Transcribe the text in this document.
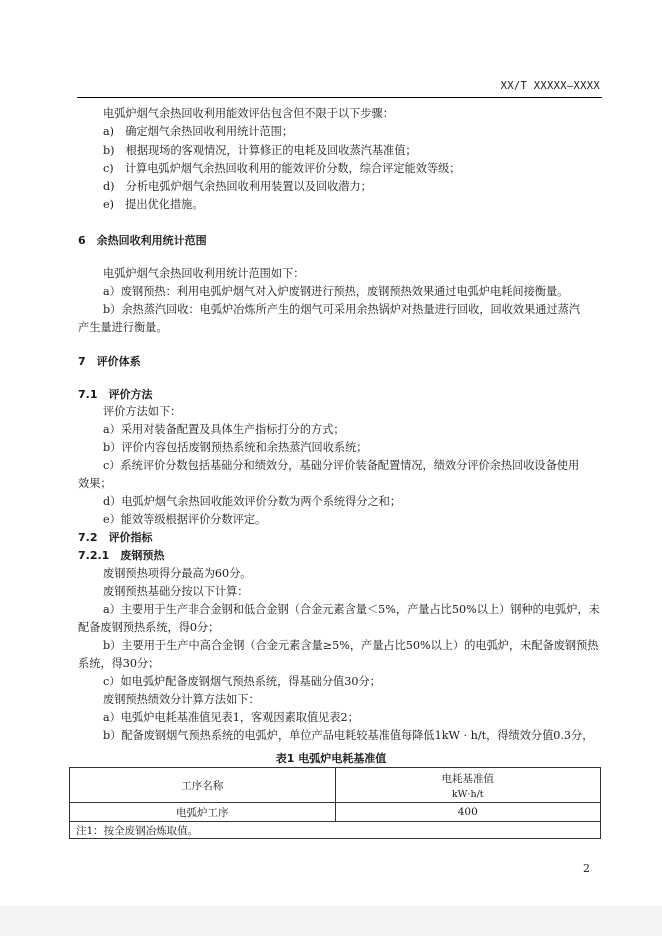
XX/T XXXXX—XXXX
电弧炉烟气余热回收利用能效评估包含但不限于以下步骤：
a)　确定烟气余热回收利用统计范围；
b)　根据现场的客观情况，计算修正的电耗及回收蒸汽基准值；
c)　计算电弧炉烟气余热回收利用的能效评价分数，综合评定能效等级；
d)　分析电弧炉烟气余热回收利用装置以及回收潜力；
e)　提出优化措施。
6　余热回收利用统计范围
电弧炉烟气余热回收利用统计范围如下：
a）废钢预热：利用电弧炉烟气对入炉废钢进行预热，废钢预热效果通过电弧炉电耗间接衡量。
b）余热蒸汽回收：电弧炉冶炼所产生的烟气可采用余热锅炉对热量进行回收，回收效果通过蒸汽
产生量进行衡量。
7　评价体系
7.1　评价方法
评价方法如下：
a）采用对装备配置及具体生产指标打分的方式；
b）评价内容包括废钢预热系统和余热蒸汽回收系统；
c）系统评价分数包括基础分和绩效分，基础分评价装备配置情况，绩效分评价余热回收设备使用
效果；
d）电弧炉烟气余热回收能效评价分数为两个系统得分之和；
e）能效等级根据评价分数评定。
7.2　评价指标
7.2.1　废钢预热
废钢预热项得分最高为60分。
废钢预热基础分按以下计算：
a）主要用于生产非合金钢和低合金钢（合金元素含量＜5%，产量占比50%以上）钢种的电弧炉，未
配备废钢预热系统，得0分；
b）主要用于生产中高合金钢（合金元素含量≥5%，产量占比50%以上）的电弧炉，未配备废钢预热
系统，得30分；
c）如电弧炉配备废钢烟气预热系统，得基础分值30分；
废钢预热绩效分计算方法如下：
a）电弧炉电耗基准值见表1，客观因素取值见表2；
b）配备废钢烟气预热系统的电弧炉，单位产品电耗较基准值每降低1kW · h/t，得绩效分值0.3分，
表1 电弧炉电耗基准值
工序名称	电耗基准值
kW·h/t

电弧炉工序	400
注1：按全废钢冶炼取值。	
2
